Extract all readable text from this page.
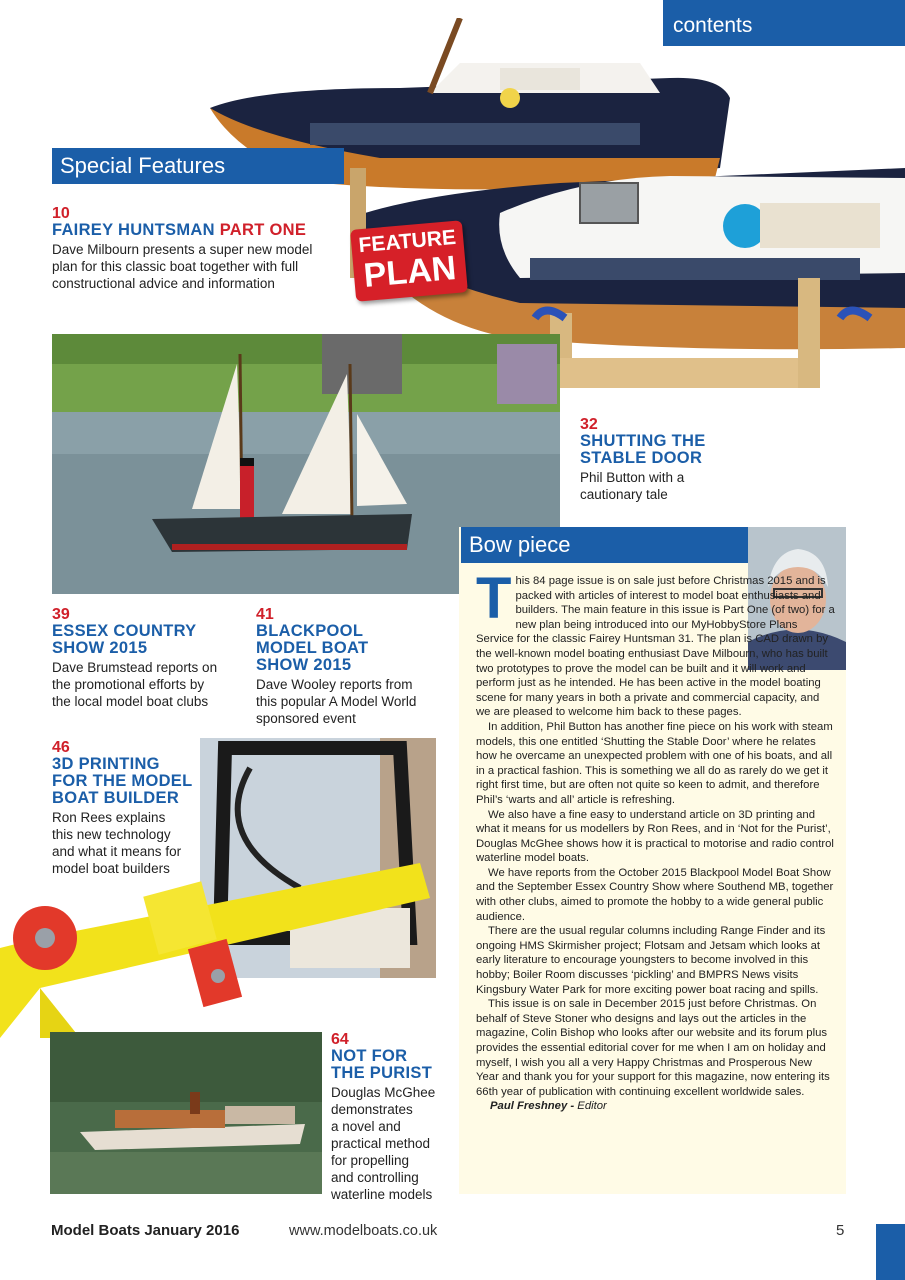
contents
Special Features
10
FAIREY HUNTSMAN PART ONE
Dave Milbourn presents a super new model
plan for this classic boat together with full
constructional advice and information
FEATURE
PLAN
32
SHUTTING THE
STABLE DOOR
Phil Button with a
cautionary tale
39
ESSEX COUNTRY
SHOW 2015
Dave Brumstead reports on
the promotional efforts by
the local model boat clubs
41
BLACKPOOL
MODEL BOAT
SHOW 2015
Dave Wooley reports from
this popular A Model World
sponsored event
46
3D PRINTING
FOR THE MODEL
BOAT BUILDER
Ron Rees explains
this new technology
and what it means for
model boat builders
64
NOT FOR
THE PURIST
Douglas McGhee
demonstrates
a novel and
practical method
for propelling
and controlling
waterline models
Bow piece

This 84 page issue is on sale just before Christmas 2015 and is packed with articles of interest to model boat enthusiasts and builders. The main feature in this issue is Part One (of two) for a new plan being introduced into our MyHobbyStore Plans Service for the classic Fairey Huntsman 31. The plan is CAD drawn by the well-known model boating enthusiast Dave Milbourn, who has built two prototypes to prove the model can be built and it will work and perform just as he intended. He has been active in the model boating scene for many years in both a private and commercial capacity, and we are pleased to welcome him back to these pages.

In addition, Phil Button has another fine piece on his work with steam models, this one entitled ‘Shutting the Stable Door’ where he relates how he overcame an unexpected problem with one of his boats, and all in a practical fashion. This is something we all do as rarely do we get it right first time, but are often not quite so keen to admit, and therefore Phil’s ‘warts and all’ article is refreshing.

We also have a fine easy to understand article on 3D printing and what it means for us modellers by Ron Rees, and in ‘Not for the Purist’, Douglas McGhee shows how it is practical to motorise and radio control waterline model boats.

We have reports from the October 2015 Blackpool Model Boat Show and the September Essex Country Show where Southend MB, together with other clubs, aimed to promote the hobby to a wide general public audience.

There are the usual regular columns including Range Finder and its ongoing HMS Skirmisher project; Flotsam and Jetsam which looks at early literature to encourage youngsters to become involved in this hobby; Boiler Room discusses ‘pickling’ and BMPRS News visits Kingsbury Water Park for more exciting power boat racing and spills.

This issue is on sale in December 2015 just before Christmas. On behalf of Steve Stoner who designs and lays out the articles in the magazine, Colin Bishop who looks after our website and its forum plus provides the essential editorial cover for me when I am on holiday and myself, I wish you all a very Happy Christmas and Prosperous New Year and thank you for your support for this magazine, now entering its 66th year of publication with continuing excellent worldwide sales.

Paul Freshney - Editor
Model Boats January 2016	www.modelboats.co.uk	5
